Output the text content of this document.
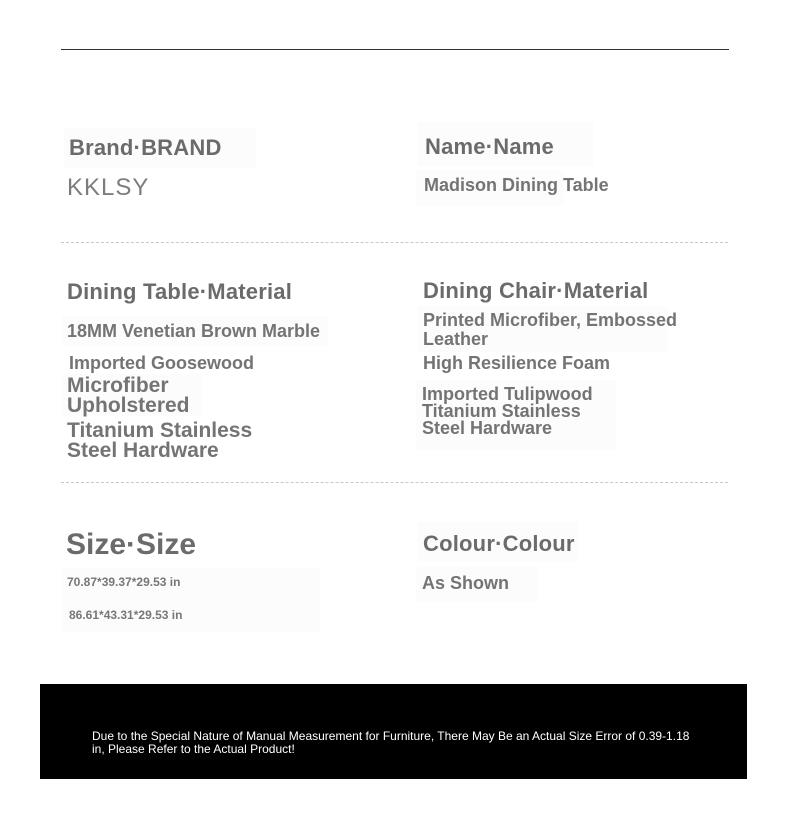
Brand·BRAND

KKLSY

Name·Name

Madison Dining Table

Dining Table·Material

18MM Venetian Brown Marble

Imported Goosewood

Microfiber Upholstered

Titanium Stainless Steel Hardware

Dining Chair·Material

Printed Microfiber, Embossed Leather

High Resilience Foam

Imported Tulipwood Titanium Stainless Steel Hardware

Size·Size

70.87*39.37*29.53 in

86.61*43.31*29.53 in

Colour·Colour

As Shown

Due to the Special Nature of Manual Measurement for Furniture, There May Be an Actual Size Error of 0.39-1.18 in, Please Refer to the Actual Product!
